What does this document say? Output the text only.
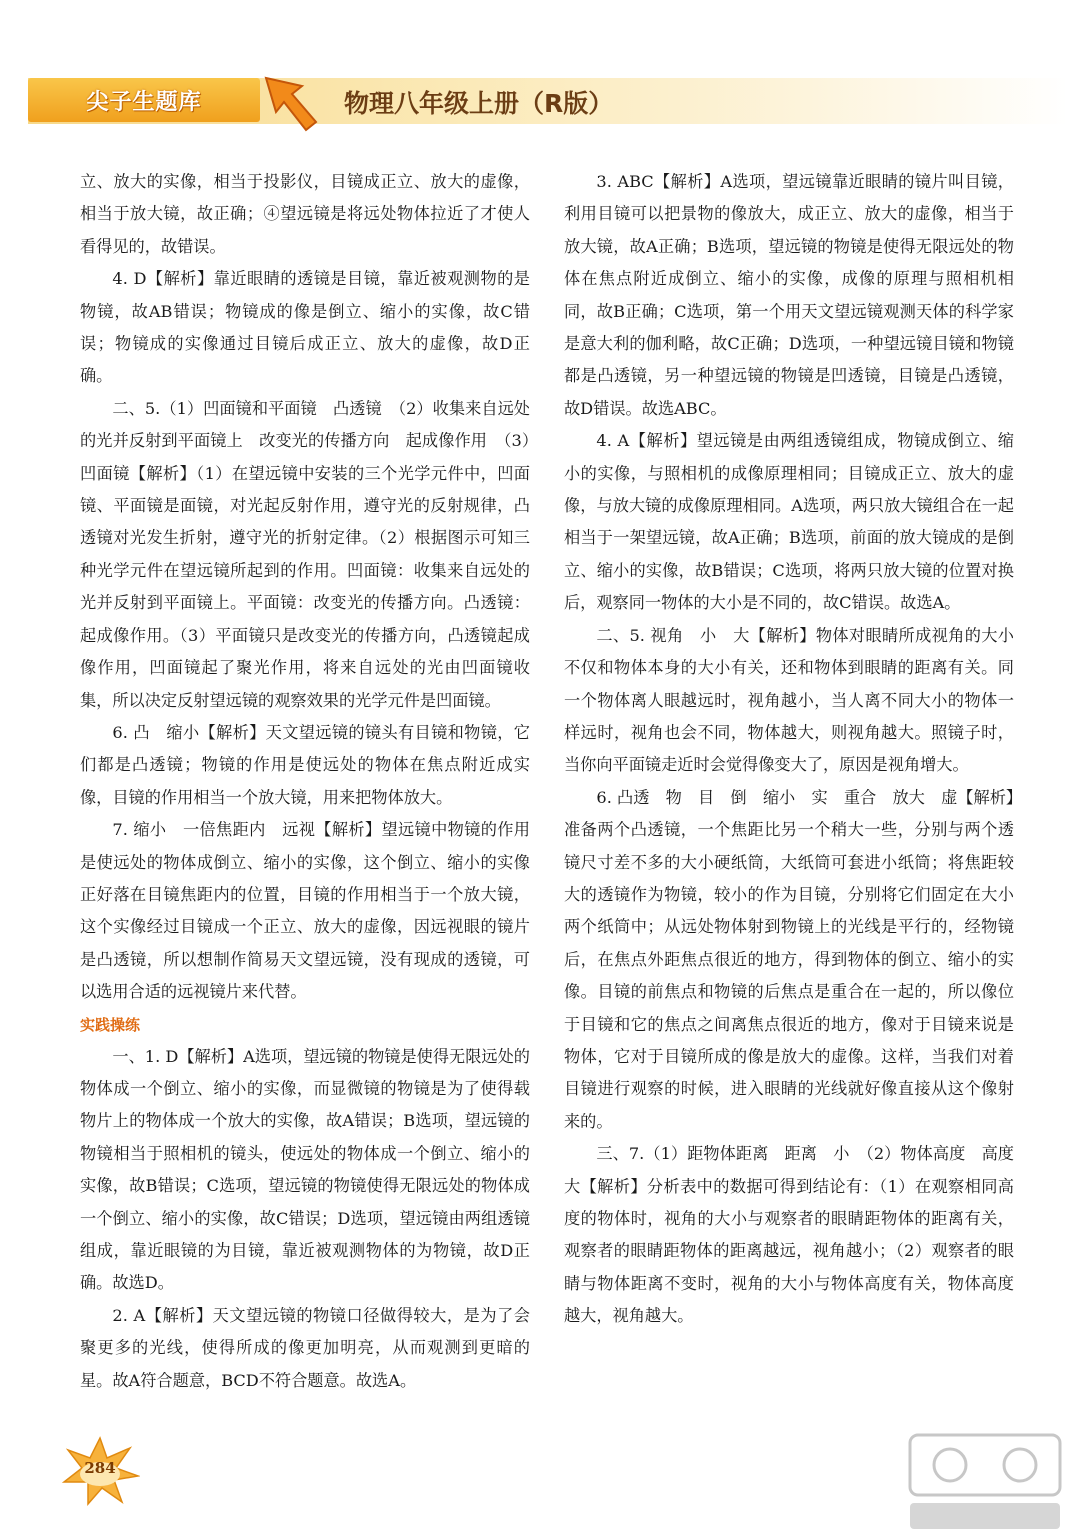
尖子生题库	物理八年级上册（R版）

立、放大的实像，相当于投影仪，目镜成正立、放大的虚像，相当于放大镜，故正确；④望远镜是将远处物体拉近了才使人看得见的，故错误。

4. D【解析】靠近眼睛的透镜是目镜，靠近被观测物的是物镜，故AB错误；物镜成的像是倒立、缩小的实像，故C错误；物镜成的实像通过目镜后成正立、放大的虚像，故D正确。

二、5.（1）凹面镜和平面镜　凸透镜　（2）收集来自远处的光并反射到平面镜上　改变光的传播方向　起成像作用　（3）凹面镜【解析】（1）在望远镜中安装的三个光学元件中，凹面镜、平面镜是面镜，对光起反射作用，遵守光的反射规律，凸透镜对光发生折射，遵守光的折射定律。（2）根据图示可知三种光学元件在望远镜所起到的作用。凹面镜：收集来自远处的光并反射到平面镜上。平面镜：改变光的传播方向。凸透镜：起成像作用。（3）平面镜只是改变光的传播方向，凸透镜起成像作用，凹面镜起了聚光作用，将来自远处的光由凹面镜收集，所以决定反射望远镜的观察效果的光学元件是凹面镜。

6. 凸　缩小【解析】天文望远镜的镜头有目镜和物镜，它们都是凸透镜；物镜的作用是使远处的物体在焦点附近成实像，目镜的作用相当一个放大镜，用来把物体放大。

7. 缩小　一倍焦距内　远视【解析】望远镜中物镜的作用是使远处的物体成倒立、缩小的实像，这个倒立、缩小的实像正好落在目镜焦距内的位置，目镜的作用相当于一个放大镜，这个实像经过目镜成一个正立、放大的虚像，因远视眼的镜片是凸透镜，所以想制作简易天文望远镜，没有现成的透镜，可以选用合适的远视镜片来代替。

实践操练

一、1. D【解析】A选项，望远镜的物镜是使得无限远处的物体成一个倒立、缩小的实像，而显微镜的物镜是为了使得载物片上的物体成一个放大的实像，故A错误；B选项，望远镜的物镜相当于照相机的镜头，使远处的物体成一个倒立、缩小的实像，故B错误；C选项，望远镜的物镜使得无限远处的物体成一个倒立、缩小的实像，故C错误；D选项，望远镜由两组透镜组成，靠近眼镜的为目镜，靠近被观测物体的为物镜，故D正确。故选D。

2. A【解析】天文望远镜的物镜口径做得较大，是为了会聚更多的光线，使得所成的像更加明亮，从而观测到更暗的星。故A符合题意，BCD不符合题意。故选A。

3. ABC【解析】A选项，望远镜靠近眼睛的镜片叫目镜，利用目镜可以把景物的像放大，成正立、放大的虚像，相当于放大镜，故A正确；B选项，望远镜的物镜是使得无限远处的物体在焦点附近成倒立、缩小的实像，成像的原理与照相机相同，故B正确；C选项，第一个用天文望远镜观测天体的科学家是意大利的伽利略，故C正确；D选项，一种望远镜目镜和物镜都是凸透镜，另一种望远镜的物镜是凹透镜，目镜是凸透镜，故D错误。故选ABC。

4. A【解析】望远镜是由两组透镜组成，物镜成倒立、缩小的实像，与照相机的成像原理相同；目镜成正立、放大的虚像，与放大镜的成像原理相同。A选项，两只放大镜组合在一起相当于一架望远镜，故A正确；B选项，前面的放大镜成的是倒立、缩小的实像，故B错误；C选项，将两只放大镜的位置对换后，观察同一物体的大小是不同的，故C错误。故选A。

二、5. 视角　小　大【解析】物体对眼睛所成视角的大小不仅和物体本身的大小有关，还和物体到眼睛的距离有关。同一个物体离人眼越远时，视角越小，当人离不同大小的物体一样远时，视角也会不同，物体越大，则视角越大。照镜子时，当你向平面镜走近时会觉得像变大了，原因是视角增大。

6. 凸透　物　目　倒　缩小　实　重合　放大　虚【解析】准备两个凸透镜，一个焦距比另一个稍大一些，分别与两个透镜尺寸差不多的大小硬纸筒，大纸筒可套进小纸筒；将焦距较大的透镜作为物镜，较小的作为目镜，分别将它们固定在大小两个纸筒中；从远处物体射到物镜上的光线是平行的，经物镜后，在焦点外距焦点很近的地方，得到物体的倒立、缩小的实像。目镜的前焦点和物镜的后焦点是重合在一起的，所以像位于目镜和它的焦点之间离焦点很近的地方，像对于目镜来说是物体，它对于目镜所成的像是放大的虚像。这样，当我们对着目镜进行观察的时候，进入眼睛的光线就好像直接从这个像射来的。

三、7.（1）距物体距离　距离　小　（2）物体高度　高度　大【解析】分析表中的数据可得到结论有：（1）在观察相同高度的物体时，视角的大小与观察者的眼睛距物体的距离有关，观察者的眼睛距物体的距离越远，视角越小；（2）观察者的眼睛与物体距离不变时，视角的大小与物体高度有关，物体高度越大，视角越大。

284
